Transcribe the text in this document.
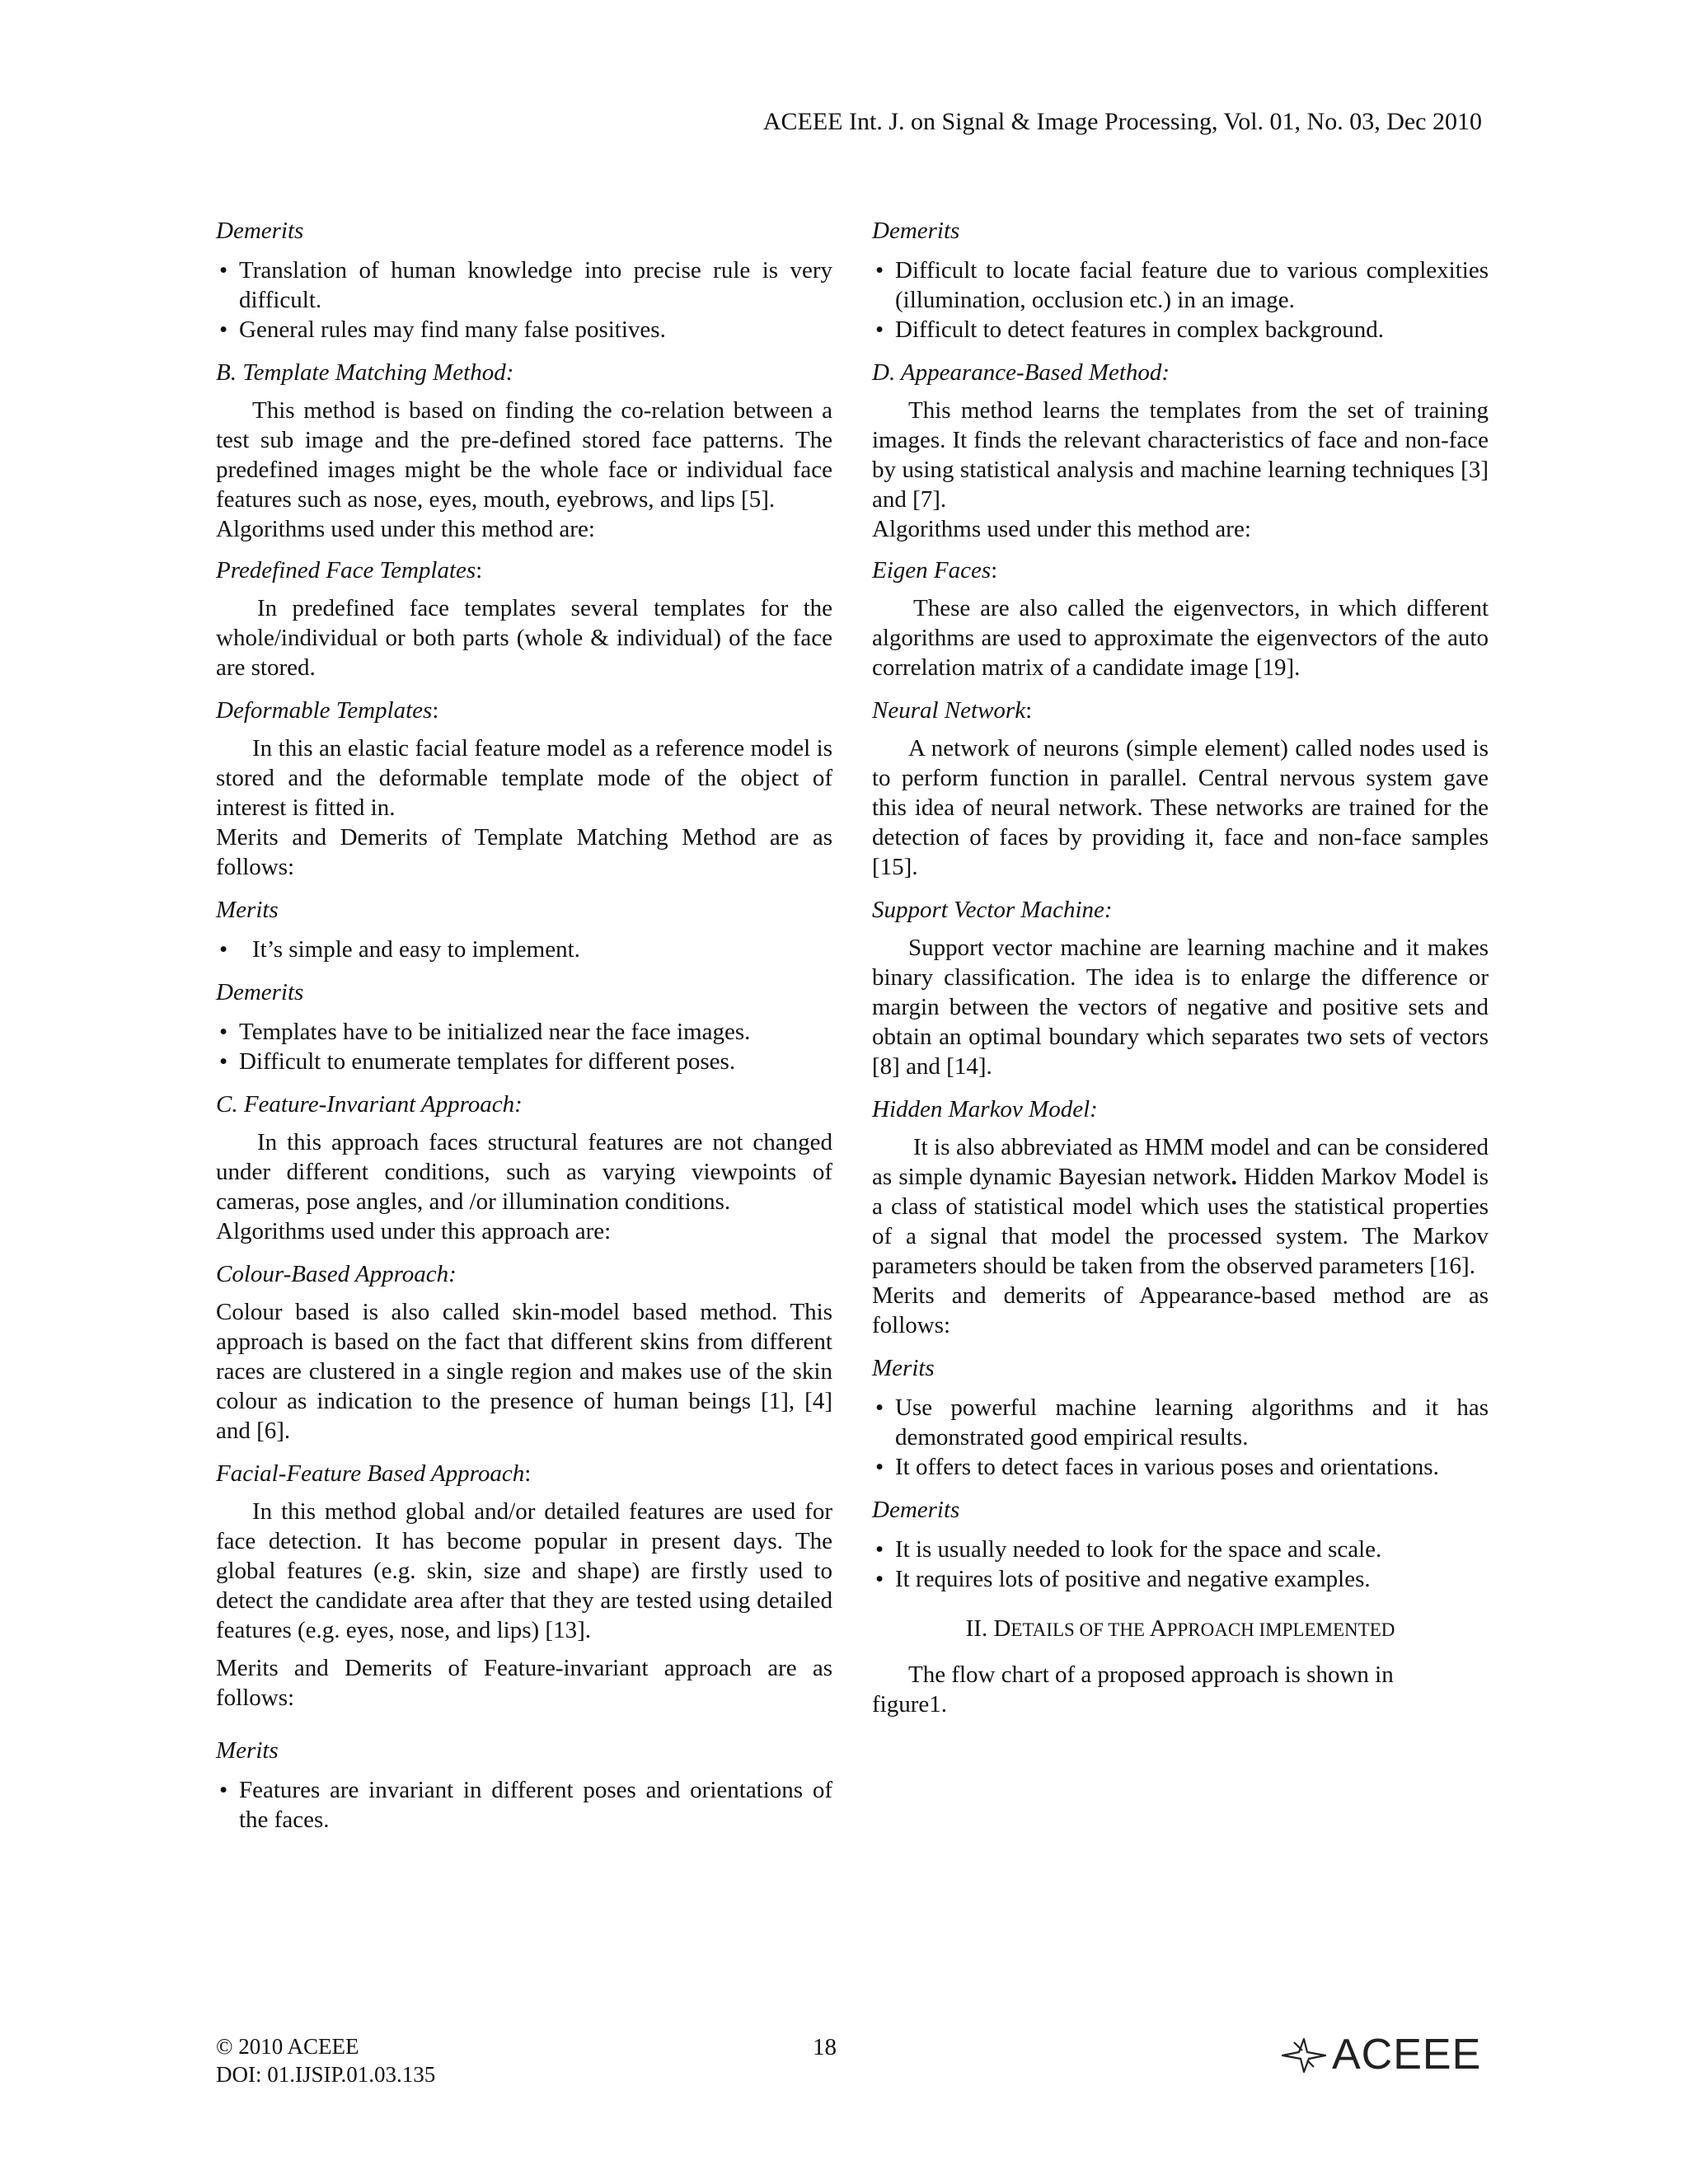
ACEEE Int. J. on Signal & Image Processing, Vol. 01, No. 03, Dec 2010

Demerits

• Translation of human knowledge into precise rule is very difficult.
• General rules may find many false positives.

B. Template Matching Method:

This method is based on finding the co-relation between a test sub image and the pre-defined stored face patterns. The predefined images might be the whole face or individual face features such as nose, eyes, mouth, eyebrows, and lips [5].

Algorithms used under this method are:

Predefined Face Templates:

In predefined face templates several templates for the whole/individual or both parts (whole & individual) of the face are stored.

Deformable Templates:

In this an elastic facial feature model as a reference model is stored and the deformable template mode of the object of interest is fitted in.

Merits and Demerits of Template Matching Method are as follows:

Merits

• It’s simple and easy to implement.

Demerits

• Templates have to be initialized near the face images.
• Difficult to enumerate templates for different poses.

C. Feature-Invariant Approach:

In this approach faces structural features are not changed under different conditions, such as varying viewpoints of cameras, pose angles, and /or illumination conditions.

Algorithms used under this approach are:

Colour-Based Approach:

Colour based is also called skin-model based method. This approach is based on the fact that different skins from different races are clustered in a single region and makes use of the skin colour as indication to the presence of human beings [1], [4] and [6].

Facial-Feature Based Approach:

In this method global and/or detailed features are used for face detection. It has become popular in present days. The global features (e.g. skin, size and shape) are firstly used to detect the candidate area after that they are tested using detailed features (e.g. eyes, nose, and lips) [13].

Merits and Demerits of Feature-invariant approach are as follows:

Merits

• Features are invariant in different poses and orientations of the faces.

Demerits

• Difficult to locate facial feature due to various complexities (illumination, occlusion etc.) in an image.
• Difficult to detect features in complex background.

D. Appearance-Based Method:

This method learns the templates from the set of training images. It finds the relevant characteristics of face and non-face by using statistical analysis and machine learning techniques [3] and [7].

Algorithms used under this method are:

Eigen Faces:

These are also called the eigenvectors, in which different algorithms are used to approximate the eigenvectors of the auto correlation matrix of a candidate image [19].

Neural Network:

A network of neurons (simple element) called nodes used is to perform function in parallel. Central nervous system gave this idea of neural network. These networks are trained for the detection of faces by providing it, face and non-face samples [15].

Support Vector Machine:

Support vector machine are learning machine and it makes binary classification. The idea is to enlarge the difference or margin between the vectors of negative and positive sets and obtain an optimal boundary which separates two sets of vectors [8] and [14].

Hidden Markov Model:

It is also abbreviated as HMM model and can be considered as simple dynamic Bayesian network. Hidden Markov Model is a class of statistical model which uses the statistical properties of a signal that model the processed system. The Markov parameters should be taken from the observed parameters [16].

Merits and demerits of Appearance-based method are as follows:

Merits

• Use powerful machine learning algorithms and it has demonstrated good empirical results.
• It offers to detect faces in various poses and orientations.

Demerits

• It is usually needed to look for the space and scale.
• It requires lots of positive and negative examples.

II. DETAILS OF THE APPROACH IMPLEMENTED

The flow chart of a proposed approach is shown in figure1.

© 2010 ACEEE
DOI: 01.IJSIP.01.03.135
18	ACEEE
